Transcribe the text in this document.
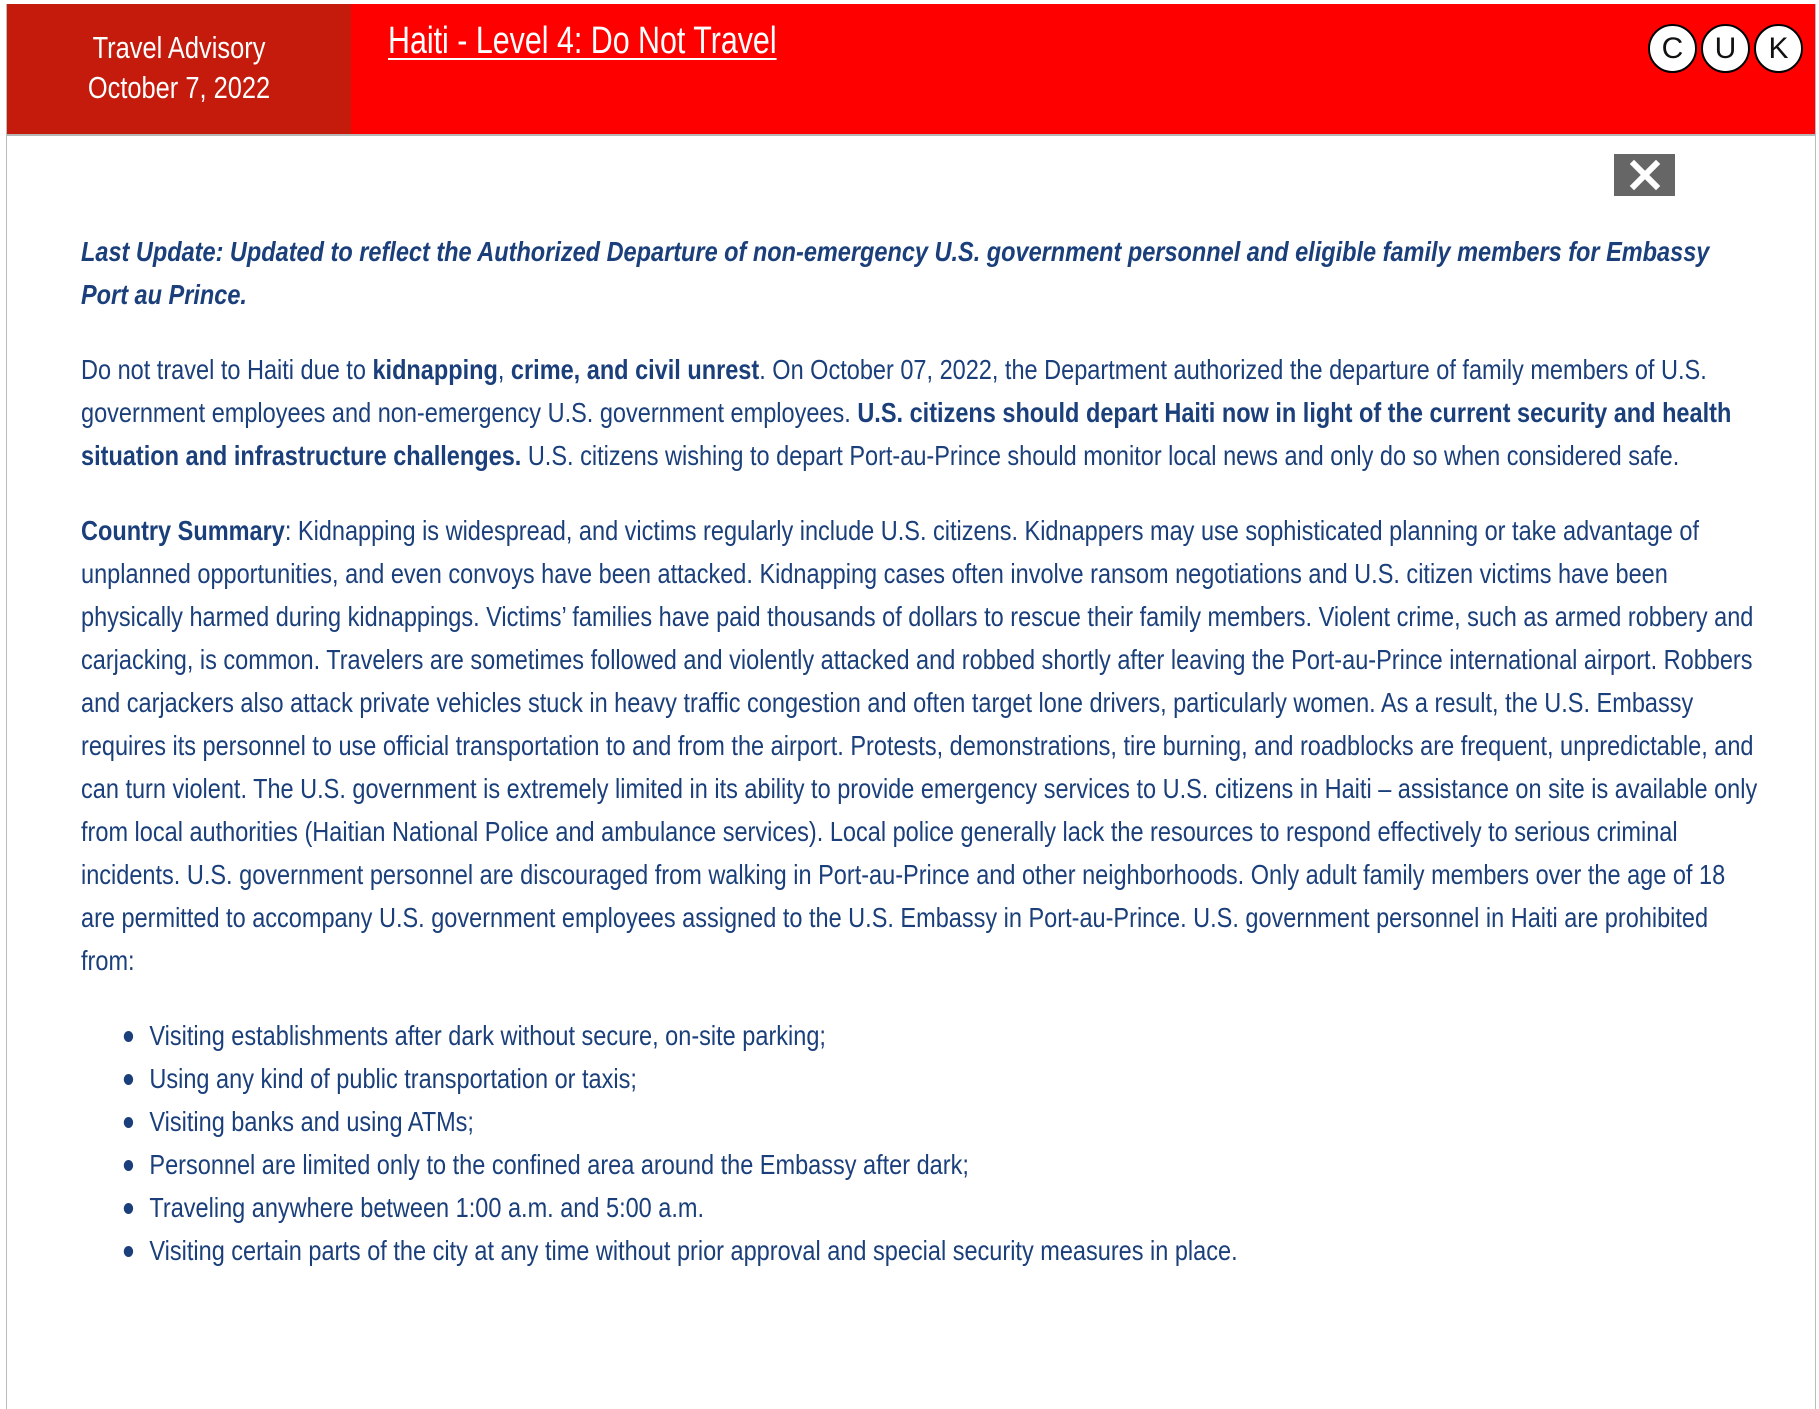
Travel Advisory
October 7, 2022
Haiti - Level 4: Do Not Travel	C	U	K

Last Update: Updated to reflect the Authorized Departure of non-emergency U.S. government personnel and eligible family members for Embassy Port au Prince.

Do not travel to Haiti due to kidnapping, crime, and civil unrest. On October 07, 2022, the Department authorized the departure of family members of U.S. government employees and non-emergency U.S. government employees. U.S. citizens should depart Haiti now in light of the current security and health situation and infrastructure challenges. U.S. citizens wishing to depart Port-au-Prince should monitor local news and only do so when considered safe.

Country Summary: Kidnapping is widespread, and victims regularly include U.S. citizens. Kidnappers may use sophisticated planning or take advantage of unplanned opportunities, and even convoys have been attacked. Kidnapping cases often involve ransom negotiations and U.S. citizen victims have been physically harmed during kidnappings. Victims’ families have paid thousands of dollars to rescue their family members. Violent crime, such as armed robbery and carjacking, is common. Travelers are sometimes followed and violently attacked and robbed shortly after leaving the Port-au-Prince international airport. Robbers and carjackers also attack private vehicles stuck in heavy traffic congestion and often target lone drivers, particularly women. As a result, the U.S. Embassy requires its personnel to use official transportation to and from the airport. Protests, demonstrations, tire burning, and roadblocks are frequent, unpredictable, and can turn violent. The U.S. government is extremely limited in its ability to provide emergency services to U.S. citizens in Haiti – assistance on site is available only from local authorities (Haitian National Police and ambulance services). Local police generally lack the resources to respond effectively to serious criminal incidents. U.S. government personnel are discouraged from walking in Port-au-Prince and other neighborhoods. Only adult family members over the age of 18 are permitted to accompany U.S. government employees assigned to the U.S. Embassy in Port-au-Prince. U.S. government personnel in Haiti are prohibited from:

Visiting establishments after dark without secure, on-site parking;
Using any kind of public transportation or taxis;
Visiting banks and using ATMs;
Personnel are limited only to the confined area around the Embassy after dark;
Traveling anywhere between 1:00 a.m. and 5:00 a.m.
Visiting certain parts of the city at any time without prior approval and special security measures in place.
